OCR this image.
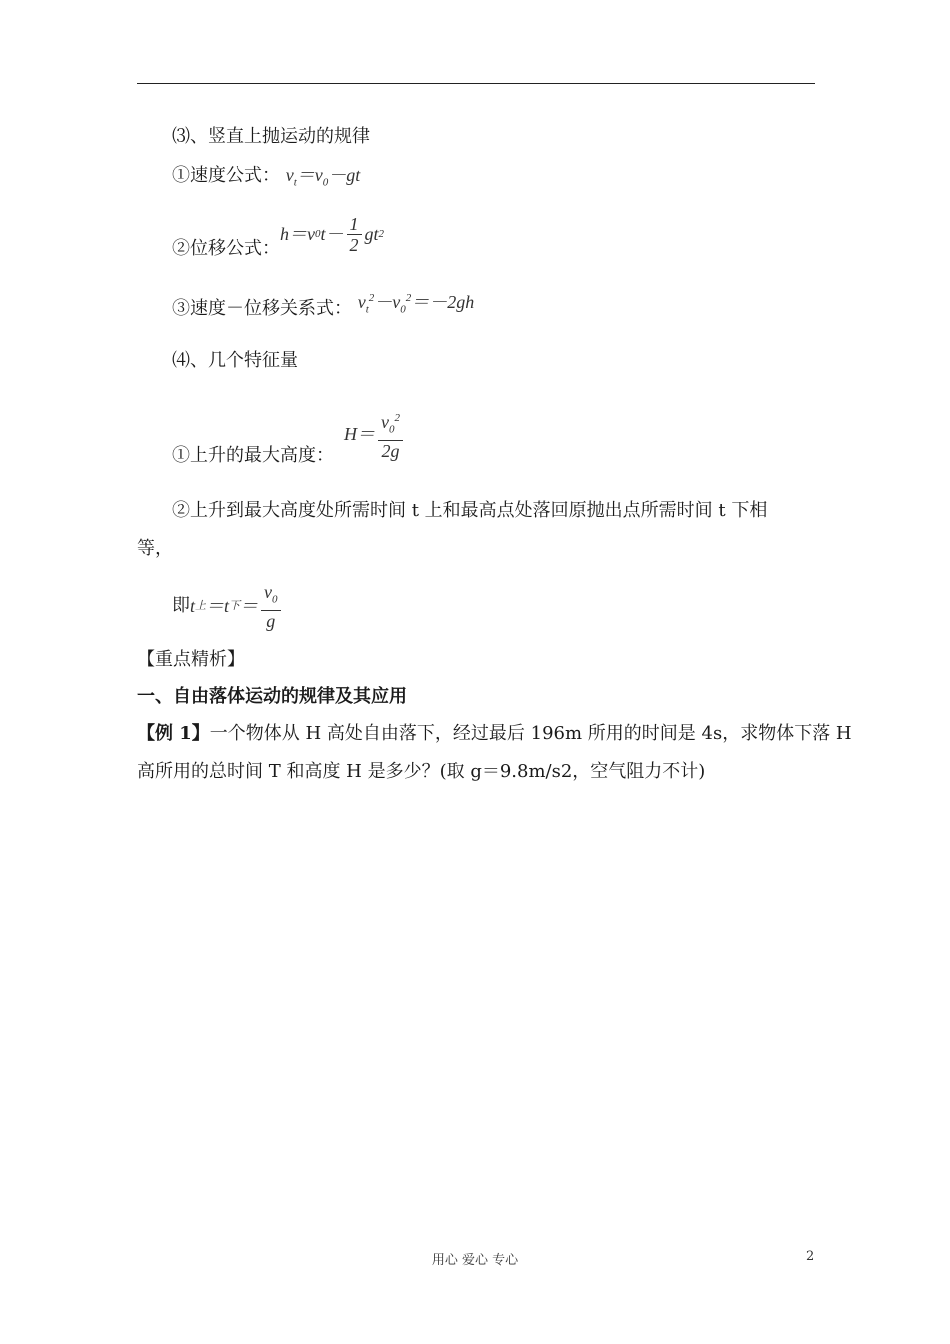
⑶、竖直上抛运动的规律
①速度公式： $v_t=v_0-gt$
②位移公式：
h＝v 0 $t- \frac{1}{2}$ gt 2
③速度－位移关系式： $v_t^2-v_0^2=-2gh$
⑷、几个特征量
①上升的最大高度：
$H= \frac{v_0^2}{2g}$
②上升到最大高度处所需时间 t 上和最高点处落回原抛出点所需时间 t 下相
等，
即 t 上 ＝t 下 ＝ $\frac{v_0}{g}$
【重点精析】
一、自由落体运动的规律及其应用
【例 1】一个物体从 H 高处自由落下，经过最后 196m 所用的时间是 4s，求物体下落 H
高所用的总时间 T 和高度 H 是多少？(取 g＝9.8m/s2，空气阻力不计)
用心 爱心 专心	2
